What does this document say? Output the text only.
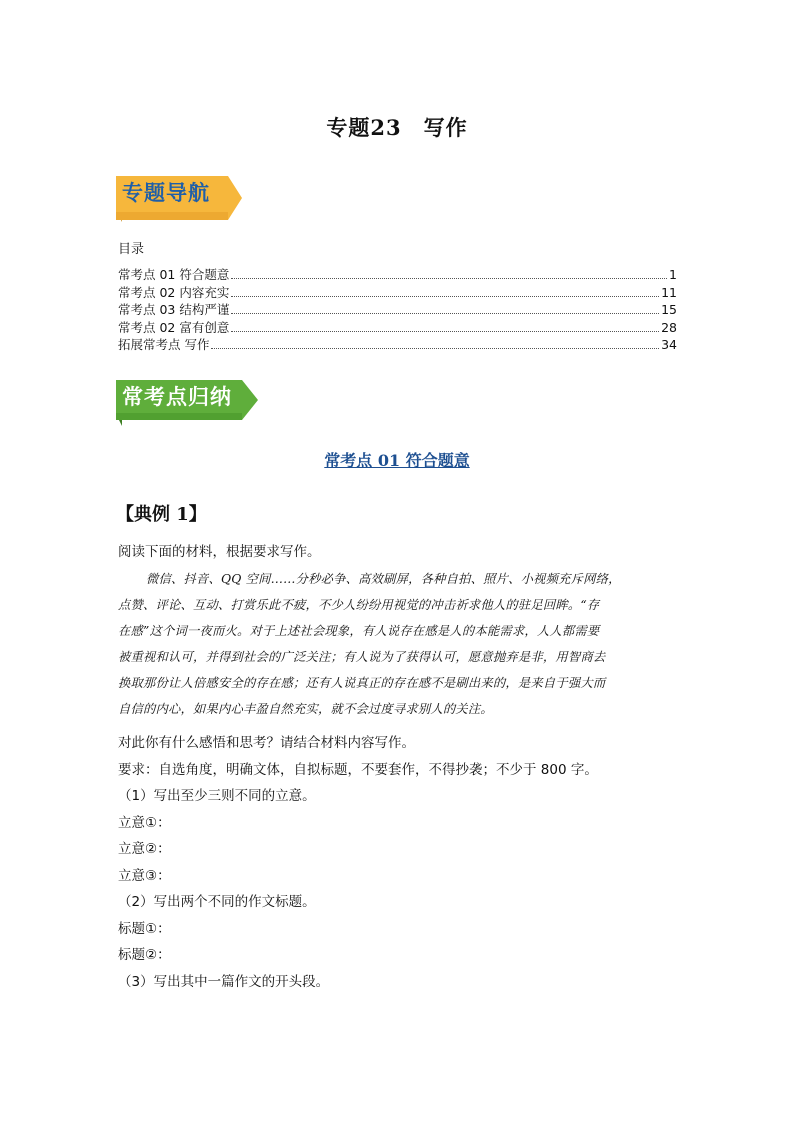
专题23　写作
专题导航
目录
常考点 01 符合题意	1
常考点 02 内容充实	11
常考点 03 结构严谨	15
常考点 02 富有创意	28
拓展常考点 写作	34
常考点归纳
常考点 01 符合题意
【典例 1】

阅读下面的材料，根据要求写作。

微信、抖音、QQ 空间……分秒必争、高效刷屏，各种自拍、照片、小视频充斥网络，

点赞、评论、互动、打赏乐此不疲，不少人纷纷用视觉的冲击祈求他人的驻足回眸。“存

在感”这个词一夜而火。对于上述社会现象，有人说存在感是人的本能需求，人人都需要

被重视和认可，并得到社会的广泛关注；有人说为了获得认可，愿意抛弃是非，用智商去

换取那份让人倍感安全的存在感；还有人说真正的存在感不是刷出来的，是来自于强大而

自信的内心，如果内心丰盈自然充实，就不会过度寻求别人的关注。

对此你有什么感悟和思考？请结合材料内容写作。

要求：自选角度，明确文体，自拟标题，不要套作，不得抄袭；不少于 800 字。

（1）写出至少三则不同的立意。

立意①：

立意②：

立意③：

（2）写出两个不同的作文标题。

标题①：

标题②：

（3）写出其中一篇作文的开头段。
